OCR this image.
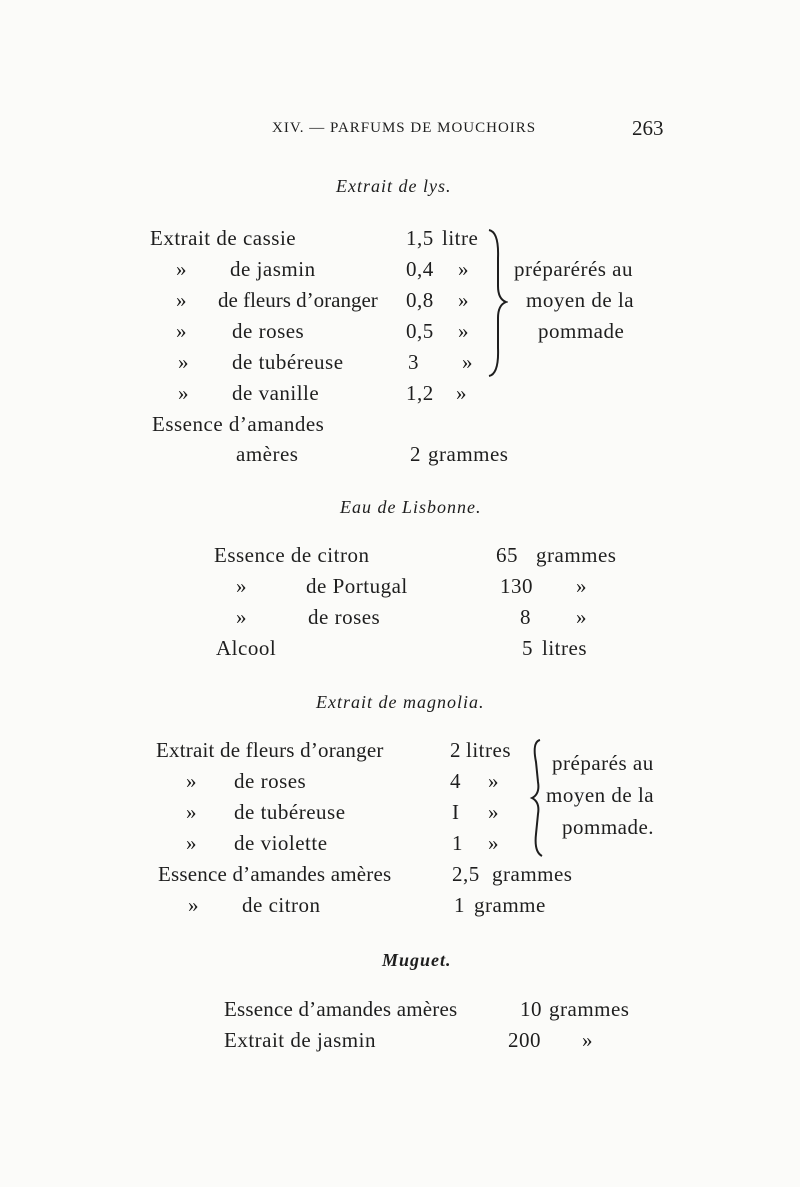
XIV. — PARFUMS DE MOUCHOIRS	263
Extrait de lys.
Extrait de cassie	1,5 litre
» de jasmin	0,4 »
» de fleurs d’oranger 0,8 »
» de roses	0,5 »
» de tubéreuse	3 »
» de vanille	1,2 »
Essence d’amandes
amères	2 grammes
préparérés au
moyen de la
pommade
Eau de Lisbonne.
Essence de citron	65 grammes
»	de Portugal	130 »
»	de roses	8 »
Alcool	5 litres
Extrait de magnolia.
Extrait de fleurs d’oranger	2 litres
» de roses	4 »
» de tubéreuse	I »
» de violette	1 »
Essence d’amandes amères	2,5 grammes
» de citron	1 gramme
préparés au
moyen de la
pommade.
Muguet.
Essence d’amandes amères	10 grammes
Extrait de jasmin	200 »
